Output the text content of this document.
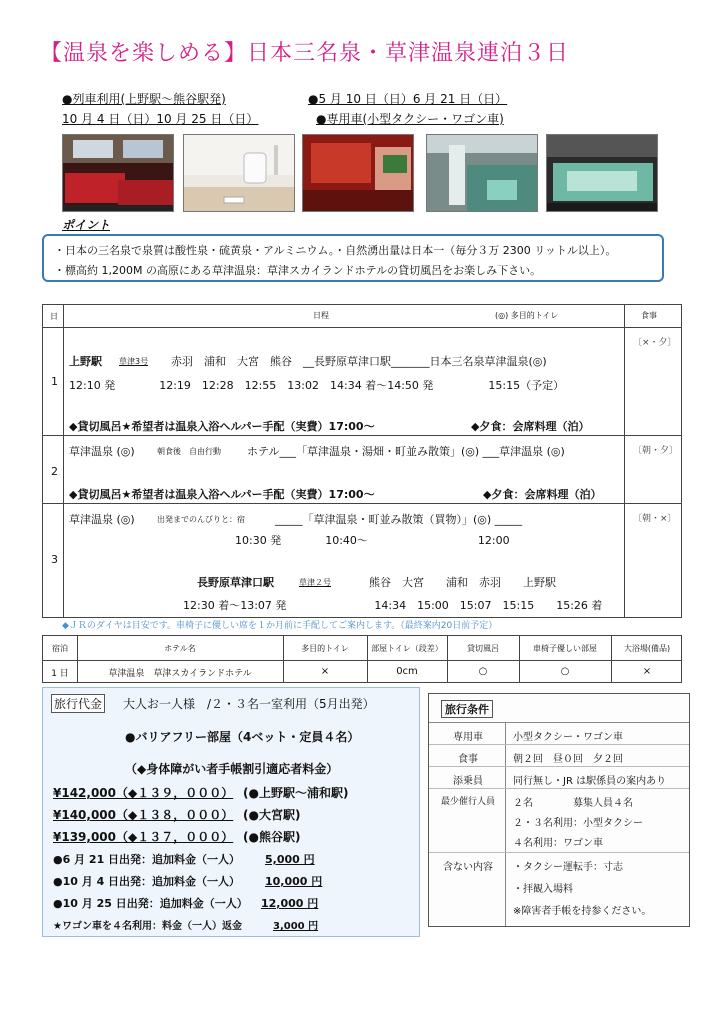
【温泉を楽しめる】日本三名泉・草津温泉連泊３日
●列車利用(上野駅～熊谷駅発)	●5 月 10 日（日）6 月 21 日（日）
10 月 4 日（日）10 月 25 日（日）	●専用車(小型タクシー・ワゴン車)
ポイント
・日本の三名泉で泉質は酸性泉・硫黄泉・アルミニウム。・自然湧出量は日本一（毎分３万 2300 リットル以上）。
・標高約 1,200M の高原にある草津温泉：草津スカイランドホテルの貸切風呂をお楽しみ下さい。
日	日程	(◎) 多目的トイレ	食事
1
上野駅 草津3号 赤羽　浦和　大宮　熊谷　__長野原草津口駅_______日本三名泉草津温泉(◎)
12:10 発　　　　12:19　12:28　12:55　13:02　14:34 着～14:50 発　　　　　15:15（予定）
◆貸切風呂★希望者は温泉入浴ヘルパー手配（実費）17:00～	◆夕食：会席料理（泊）
〔×・夕〕
2
草津温泉 (◎)	朝食後　自由行動 ホテル___「草津温泉・湯畑・町並み散策」(◎) ___草津温泉 (◎)
◆貸切風呂★希望者は温泉入浴ヘルパー手配（実費）17:00～	◆夕食：会席料理（泊）
〔朝・夕〕
3
草津温泉 (◎)	出発までのんびりと：宿	_____「草津温泉・町並み散策（買物）」(◎) _____
10:30 発　　　　10:40～　　　　　　　　　　12:00
長野原草津口駅	草津２号	熊谷　大宮　　浦和　赤羽　　上野駅
12:30 着～13:07 発　　　　　　　　14:34　15:00　15:07　15:15　　15:26 着
〔朝・×〕
◆ＪＲのダイヤは目安です。車椅子に優しい席を１か月前に手配してご案内します。（最終案内20日前予定）
宿泊	ホテル名	多目的トイレ	部屋トイレ（段差）	貸切風呂	車椅子優しい部屋	大浴場(備品)
1 日	草津温泉　草津スカイランドホテル	×	0cm	○	○	×
旅行代金 大人お一人様　/２・３名一室利用（5月出発）
●バリアフリー部屋（4ベット・定員４名）
（◆身体障がい者手帳割引適応者料金）
¥142,000（◆１３９，０００） (●上野駅～浦和駅)
¥140,000（◆１３８，０００） (●大宮駅)
¥139,000（◆１３７，０００） (●熊谷駅)
●6 月 21 日出発：追加料金（一人） 5,000 円
●10 月 4 日出発：追加料金（一人） 10,000 円
●10 月 25 日出発：追加料金（一人） 12,000 円
★ワゴン車を４名利用：料金（一人）返金	3,000 円
旅行条件
専用車	小型タクシー・ワゴン車
食事	朝２回　昼０回　夕２回
添乗員	同行無し・JR は駅係員の案内あり
最少催行人員	２名　　　　募集人員４名
２・３名利用：小型タクシー
４名利用：ワゴン車
含ない内容	・タクシー運転手：寸志
・拝観入場料
※障害者手帳を持参ください。
